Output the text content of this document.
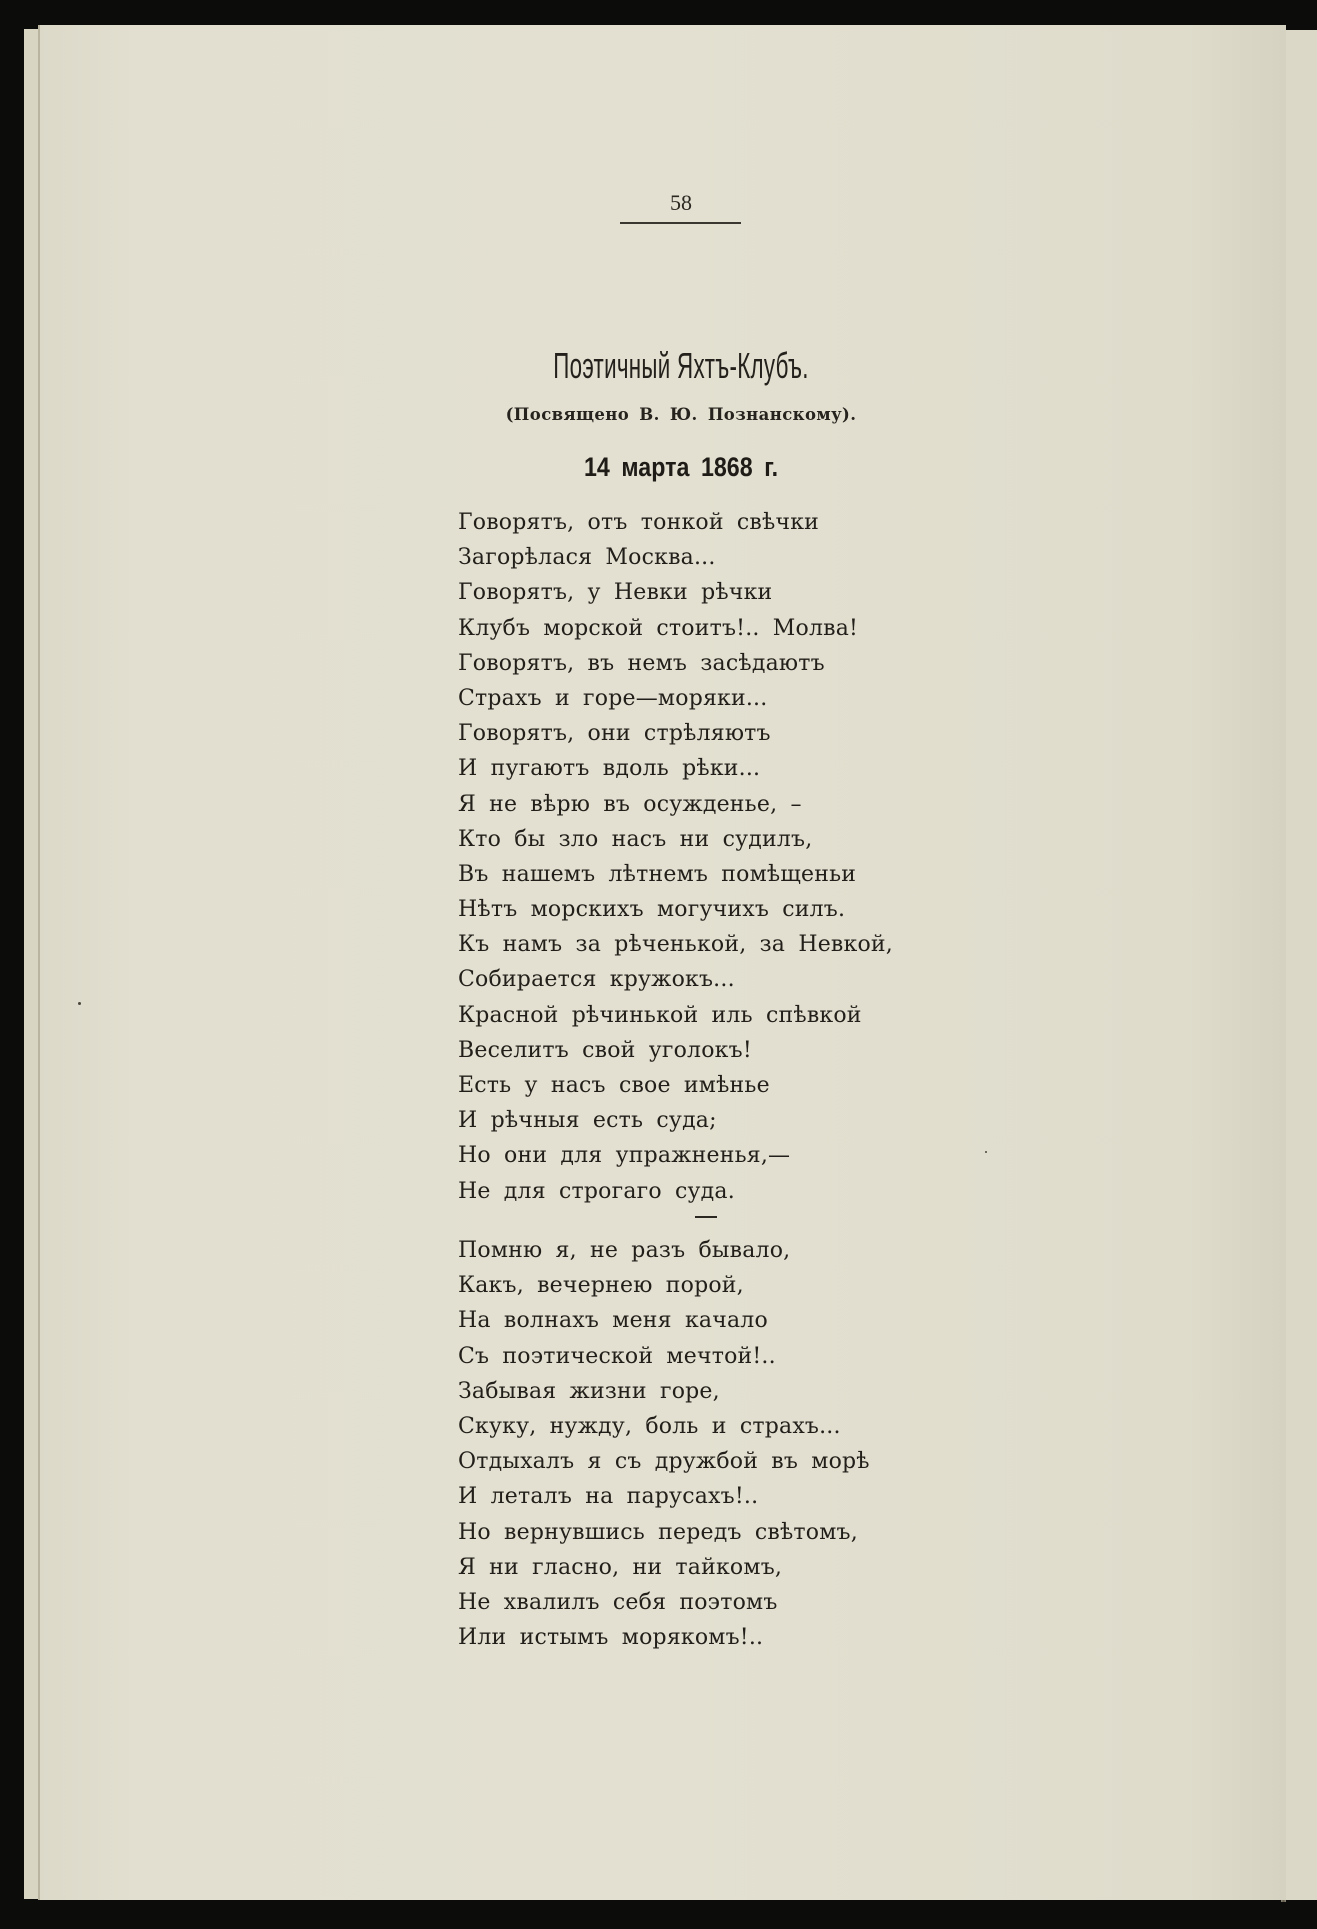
58
Поэтичный Яхтъ-Клубъ.
(Посвящено В. Ю. Познанскому).
14 марта 1868 г.
Говорятъ, отъ тонкой свѣчки
Загорѣлася Москва...
Говорятъ, у Невки рѣчки
Клубъ морской стоитъ!.. Молва!
Говорятъ, въ немъ засѣдаютъ
Страхъ и горе—моряки...
Говорятъ, они стрѣляютъ
И пугаютъ вдоль рѣки...
Я не вѣрю въ осужденье, –
Кто бы зло насъ ни судилъ,
Въ нашемъ лѣтнемъ помѣщеньи
Нѣтъ морскихъ могучихъ силъ.
Къ намъ за рѣченькой, за Невкой,
Собирается кружокъ...
Красной рѣчинькой иль спѣвкой
Веселитъ свой уголокъ!
Есть у насъ свое имѣнье
И рѣчныя есть суда;
Но они для упражненья,—
Не для строгаго суда.
Помню я, не разъ бывало,
Какъ, вечернею порой,
На волнахъ меня качало
Съ поэтической мечтой!..
Забывая жизни горе,
Скуку, нужду, боль и страхъ...
Отдыхалъ я съ дружбой въ морѣ
И леталъ на парусахъ!..
Но вернувшись передъ свѣтомъ,
Я ни гласно, ни тайкомъ,
Не хвалилъ себя поэтомъ
Или истымъ морякомъ!..
